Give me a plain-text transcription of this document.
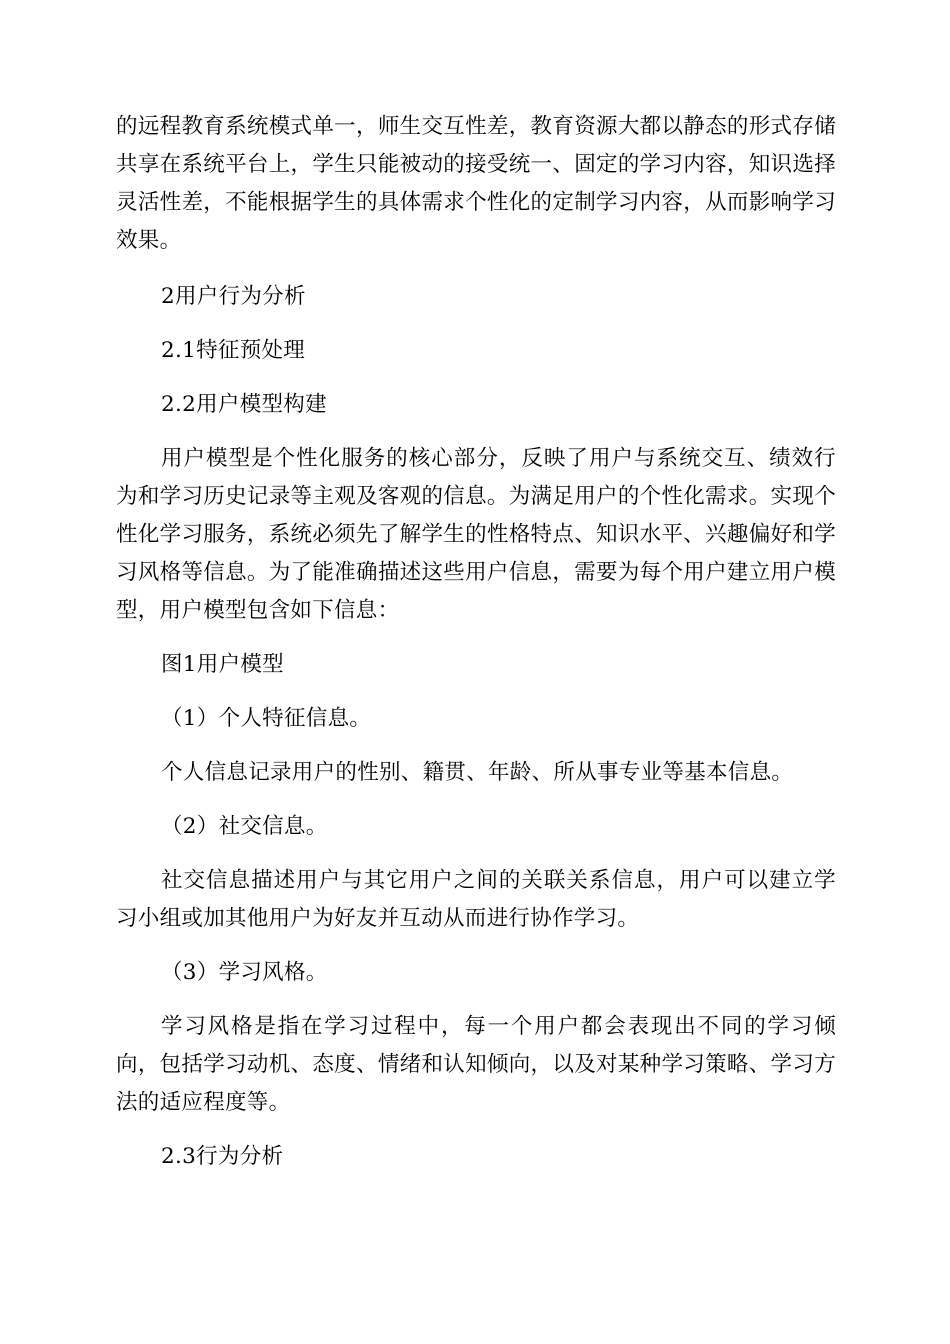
的远程教育系统模式单一，师生交互性差，教育资源大都以静态的形式存储共享在系统平台上，学生只能被动的接受统一、固定的学习内容，知识选择灵活性差，不能根据学生的具体需求个性化的定制学习内容，从而影响学习效果。

2用户行为分析

2.1特征预处理

2.2用户模型构建

用户模型是个性化服务的核心部分，反映了用户与系统交互、绩效行为和学习历史记录等主观及客观的信息。为满足用户的个性化需求。实现个性化学习服务，系统必须先了解学生的性格特点、知识水平、兴趣偏好和学习风格等信息。为了能准确描述这些用户信息，需要为每个用户建立用户模型，用户模型包含如下信息：

图1用户模型

（1）个人特征信息。

个人信息记录用户的性别、籍贯、年龄、所从事专业等基本信息。

（2）社交信息。

社交信息描述用户与其它用户之间的关联关系信息，用户可以建立学习小组或加其他用户为好友并互动从而进行协作学习。

（3）学习风格。

学习风格是指在学习过程中，每一个用户都会表现出不同的学习倾向，包括学习动机、态度、情绪和认知倾向，以及对某种学习策略、学习方法的适应程度等。

2.3行为分析
